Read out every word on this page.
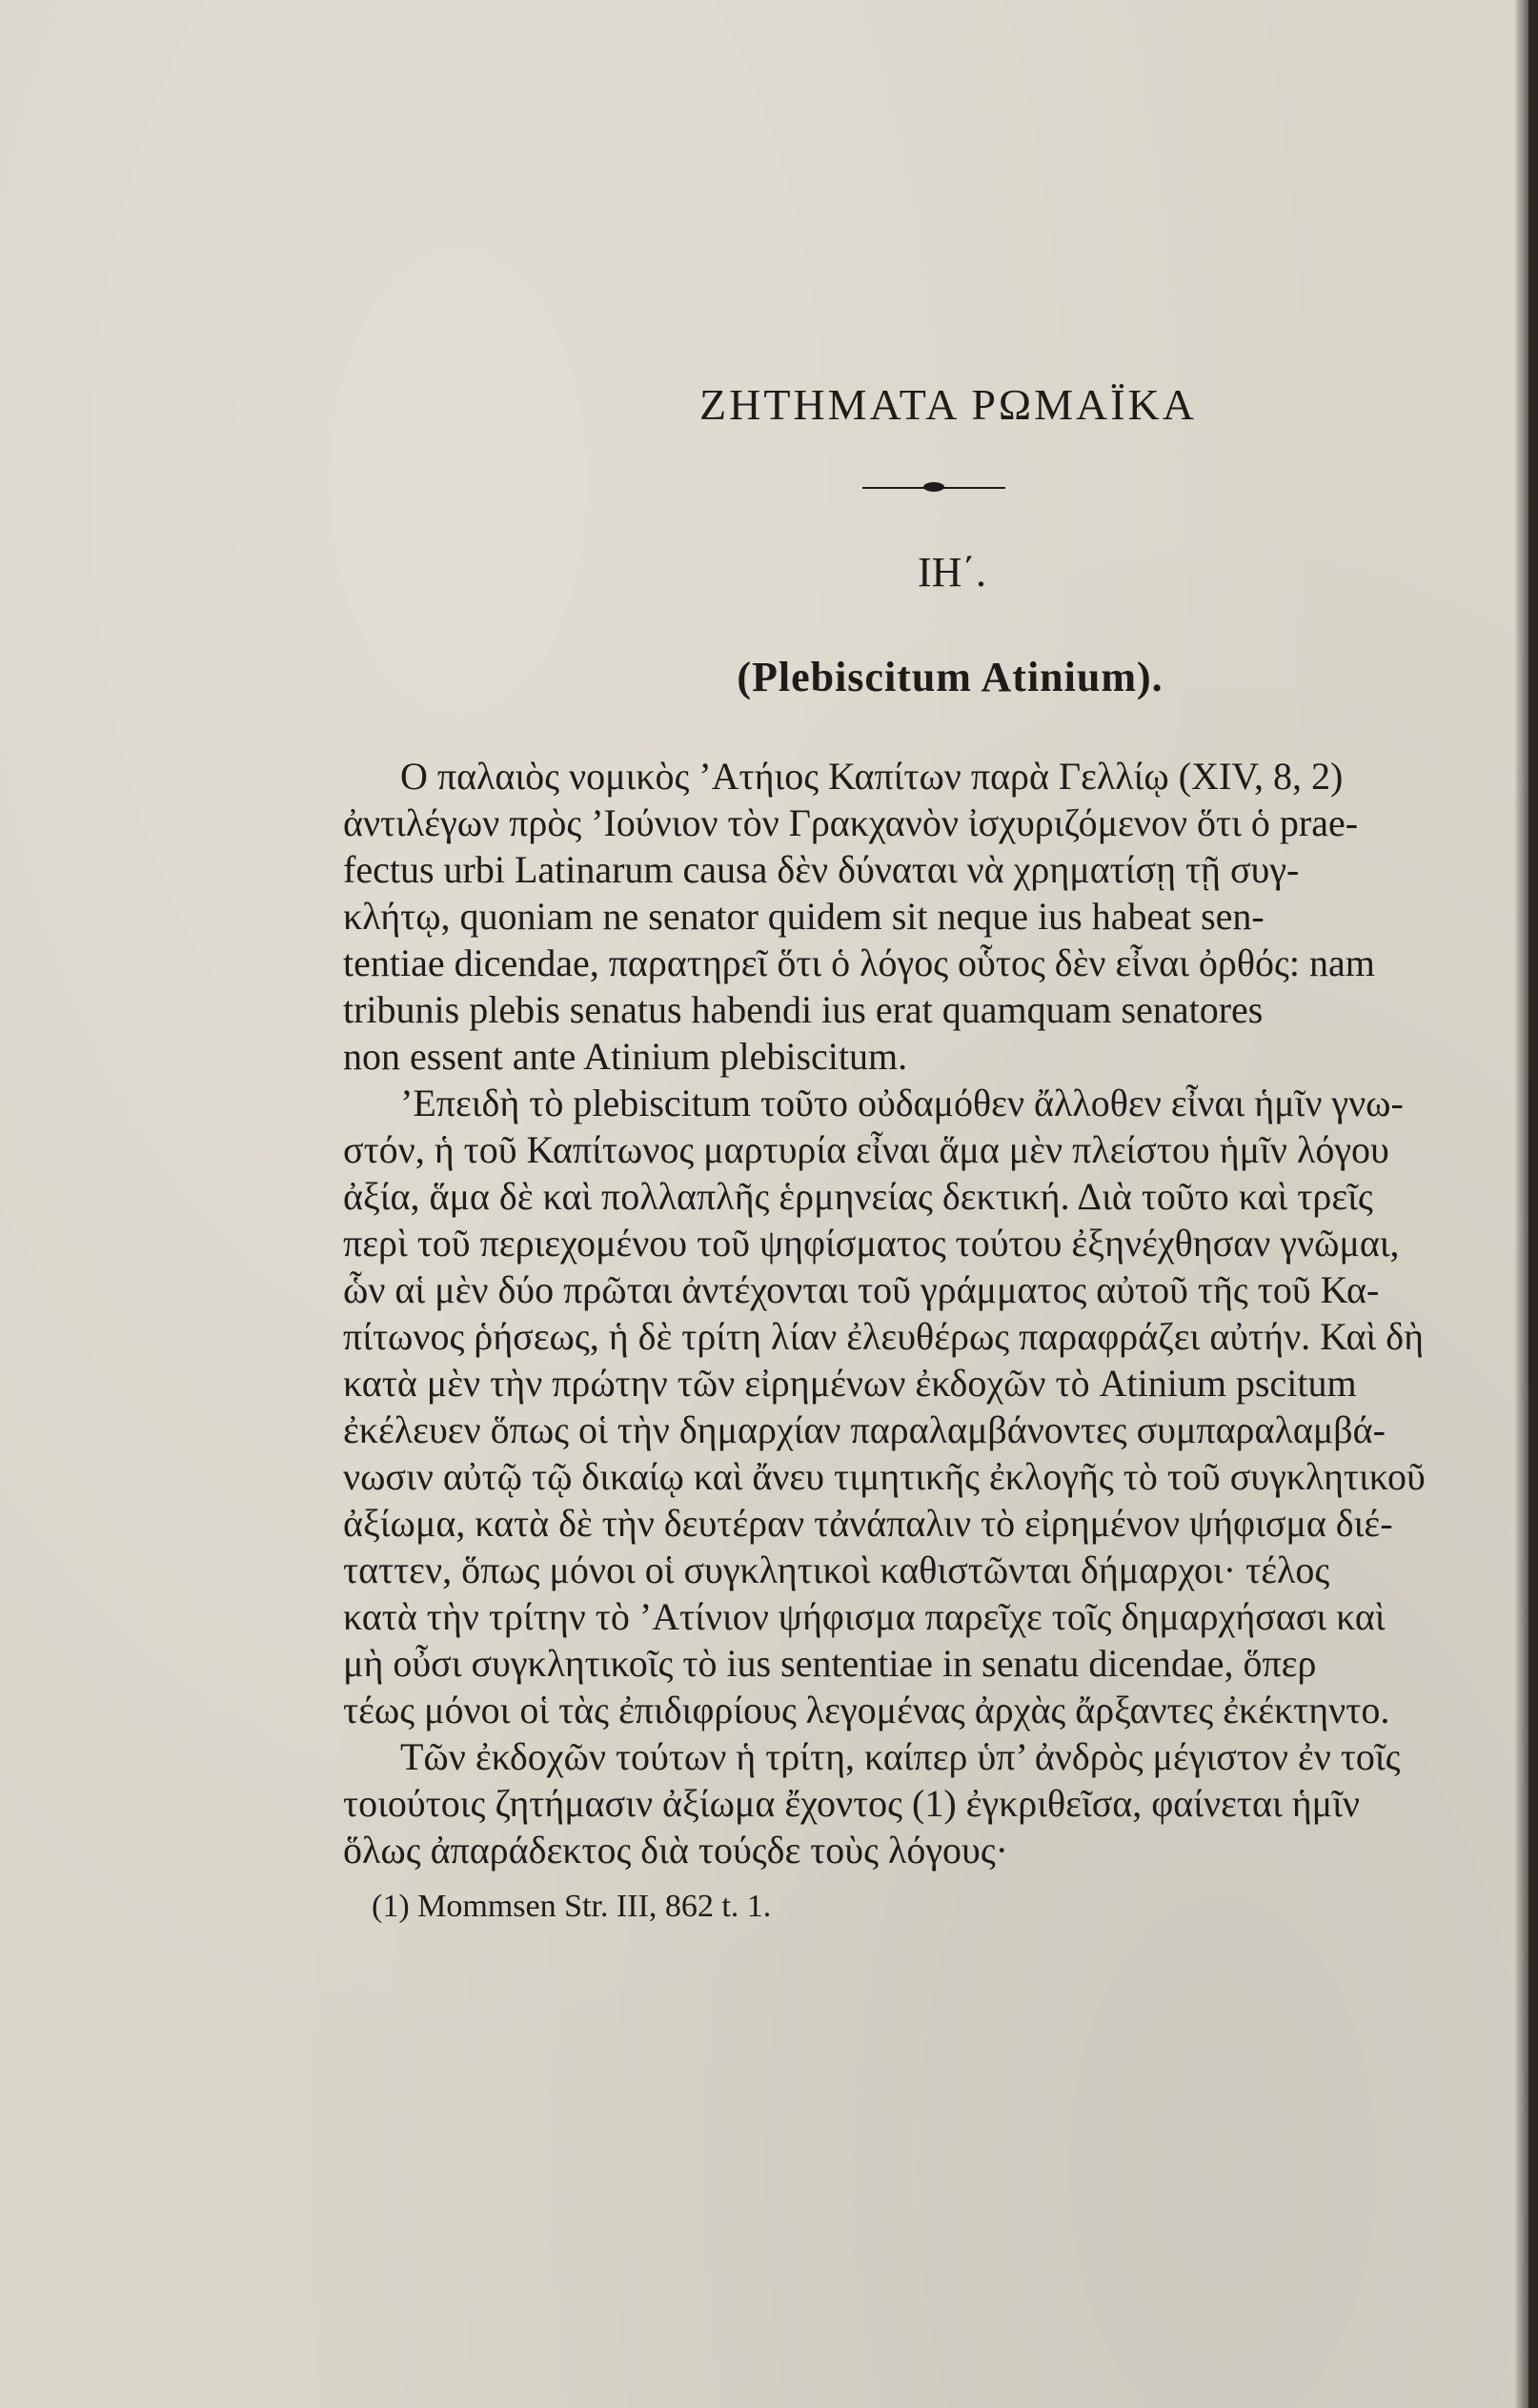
ΖΗΤΗΜΑΤΑ ΡΩΜΑΪΚΑ
ΙΗ΄.
(Plebiscitum Atinium).
Ο παλαιὸς νομικὸς ’Ατήιος Καπίτων παρὰ Γελλίῳ (XIV, 8, 2)
ἀντιλέγων πρὸς ’Ιούνιον τὸν Γρακχανὸν ἰσχυριζόμενον ὅτι ὁ prae-
fectus urbi Latinarum causa δὲν δύναται νὰ χρηματίσῃ τῇ συγ-
κλήτῳ, quoniam ne senator quidem sit neque ius habeat sen-
tentiae dicendae, παρατηρεῖ ὅτι ὁ λόγος οὗτος δὲν εἶναι ὀρθός: nam
tribunis plebis senatus habendi ius erat quamquam senatores
non essent ante Atinium plebiscitum.
’Επειδὴ τὸ plebiscitum τοῦτο οὐδαμόθεν ἄλλοθεν εἶναι ἡμῖν γνω-
στόν, ἡ τοῦ Καπίτωνος μαρτυρία εἶναι ἅμα μὲν πλείστου ἡμῖν λόγου
ἀξία, ἅμα δὲ καὶ πολλαπλῆς ἑρμηνείας δεκτική. Διὰ τοῦτο καὶ τρεῖς
περὶ τοῦ περιεχομένου τοῦ ψηφίσματος τούτου ἐξηνέχθησαν γνῶμαι,
ὧν αἱ μὲν δύο πρῶται ἀντέχονται τοῦ γράμματος αὐτοῦ τῆς τοῦ Κα-
πίτωνος ῥήσεως, ἡ δὲ τρίτη λίαν ἐλευθέρως παραφράζει αὐτήν. Καὶ δὴ
κατὰ μὲν τὴν πρώτην τῶν εἰρημένων ἐκδοχῶν τὸ Atinium pscitum
ἐκέλευεν ὅπως οἱ τὴν δημαρχίαν παραλαμβάνοντες συμπαραλαμβά-
νωσιν αὐτῷ τῷ δικαίῳ καὶ ἄνευ τιμητικῆς ἐκλογῆς τὸ τοῦ συγκλητικοῦ
ἀξίωμα, κατὰ δὲ τὴν δευτέραν τἀνάπαλιν τὸ εἰρημένον ψήφισμα διέ-
ταττεν, ὅπως μόνοι οἱ συγκλητικοὶ καθιστῶνται δήμαρχοι· τέλος
κατὰ τὴν τρίτην τὸ ’Ατίνιον ψήφισμα παρεῖχε τοῖς δημαρχήσασι καὶ
μὴ οὖσι συγκλητικοῖς τὸ ius sententiae in senatu dicendae, ὅπερ
τέως μόνοι οἱ τὰς ἐπιδιφρίους λεγομένας ἀρχὰς ἄρξαντες ἐκέκτηντο.
Τῶν ἐκδοχῶν τούτων ἡ τρίτη, καίπερ ὑπ’ ἀνδρὸς μέγιστον ἐν τοῖς
τοιούτοις ζητήμασιν ἀξίωμα ἔχοντος (1) ἐγκριθεῖσα, φαίνεται ἡμῖν
ὅλως ἀπαράδεκτος διὰ τούςδε τοὺς λόγους·
(1) Mommsen Str. III, 862 t. 1.
